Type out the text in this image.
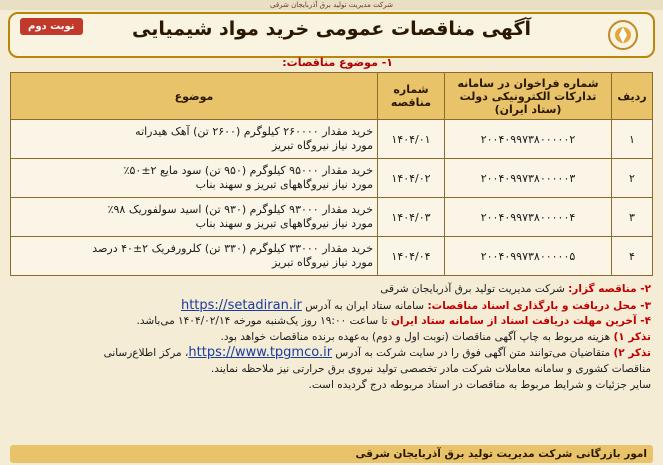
شرکت مدیریت تولید برق آذربایجان شرقی
آگهی مناقصات عمومی خرید مواد شیمیایی
نوبت دوم
۱- موضوع مناقصات:
ردیف	شماره فراخوان در سامانه تدارکات الکترونیکی دولت (ستاد ایران)	شماره مناقصه	موضوع
۱	۲۰۰۴۰۹۹۷۳۸۰۰۰۰۰۲	۱۴۰۴/۰۱	خرید مقدار ۲۶۰۰۰۰ کیلوگرم (۲۶۰۰ تن) آهک هیدراته
مورد نیاز نیروگاه تبریز

۲	۲۰۰۴۰۹۹۷۳۸۰۰۰۰۰۳	۱۴۰۴/۰۲	خرید مقدار ۹۵۰۰۰ کیلوگرم (۹۵۰ تن) سود مایع ۲±۵۰٪
مورد نیاز نیروگاههای تبریز و سهند بناب

۳	۲۰۰۴۰۹۹۷۳۸۰۰۰۰۰۴	۱۴۰۴/۰۳	خرید مقدار ۹۳۰۰۰ کیلوگرم (۹۳۰ تن) اسید سولفوریک ۹۸٪
مورد نیاز نیروگاههای تبریز و سهند بناب

۴	۲۰۰۴۰۹۹۷۳۸۰۰۰۰۰۵	۱۴۰۴/۰۴	خرید مقدار ۳۳۰۰۰ کیلوگرم (۳۳۰ تن) کلرورفریک ۲±۴۰ درصد
مورد نیاز نیروگاه تبریز
۲- مناقصه گزار: شرکت مدیریت تولید برق آذربایجان شرقی
۳- محل دریافت و بارگذاری اسناد مناقصات: سامانه ستاد ایران به آدرس https://setadiran.ir
۴- آخرین مهلت دریافت اسناد از سامانه ستاد ایران تا ساعت ۱۹:۰۰ روز یک‌شنبه مورخه ۱۴۰۴/۰۲/۱۴ می‌باشد.
تذکر ۱) هزینه مربوط به چاپ آگهی مناقصات (نوبت اول و دوم) به‌عهده برنده مناقصات خواهد بود.
تذکر ۲) متقاضیان می‌توانند متن آگهی فوق را در سایت شرکت به آدرس https://www.tpgmco.ir، مرکز اطلاع‌رسانی
مناقصات کشوری و سامانه معاملات شرکت مادر تخصصی تولید نیروی برق حرارتی نیز ملاحظه نمایند.
سایر جزئیات و شرایط مربوط به مناقصات در اسناد مربوطه درج گردیده است.
امور بازرگانی شرکت مدیریت تولید برق آذربایجان شرقی
